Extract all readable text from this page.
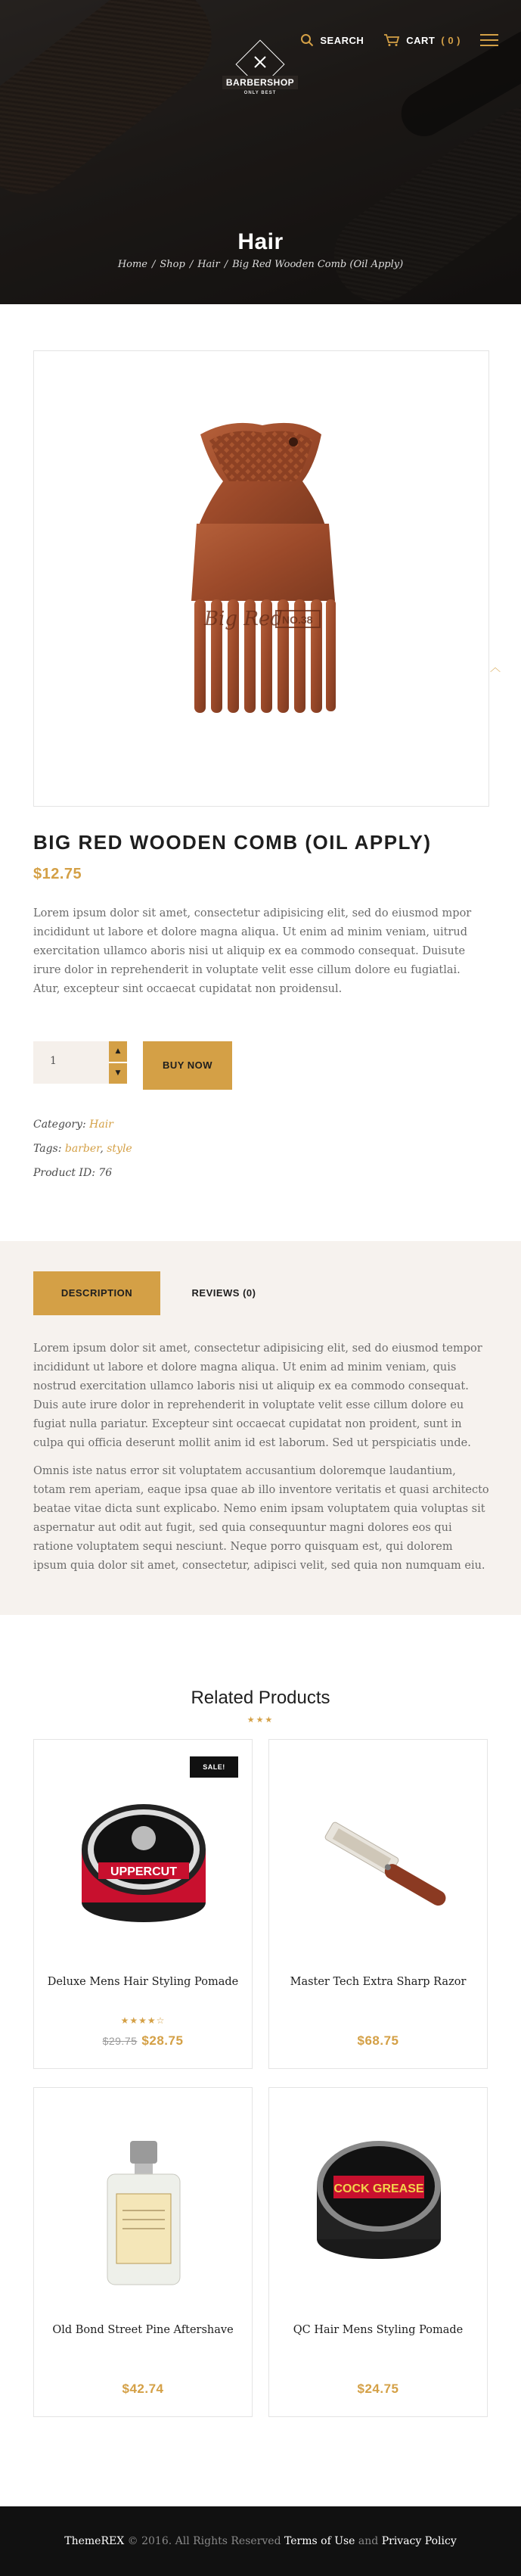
SEARCH	CART ( 0 )
BARBERSHOP
ONLY BEST
Hair
Home / Shop / Hair / Big Red Wooden Comb (Oil Apply)
Big Red NO.38
︿
BIG RED WOODEN COMB (OIL APPLY)
$12.75

Lorem ipsum dolor sit amet, consectetur adipisicing elit, sed do eiusmod mpor incididunt ut labore et dolore magna aliqua. Ut enim ad minim veniam, uitrud exercitation ullamco aboris nisi ut aliquip ex ea commodo consequat. Duisute irure dolor in reprehenderit in voluptate velit esse cillum dolore eu fugiatlai. Atur, excepteur sint occaecat cupidatat non proidensul.

1
▲
▼
BUY NOW
Category: Hair
Tags: barber, style
Product ID: 76
DESCRIPTION	REVIEWS (0)

Lorem ipsum dolor sit amet, consectetur adipisicing elit, sed do eiusmod tempor incididunt ut labore et dolore magna aliqua. Ut enim ad minim veniam, quis nostrud exercitation ullamco laboris nisi ut aliquip ex ea commodo consequat. Duis aute irure dolor in reprehenderit in voluptate velit esse cillum dolore eu fugiat nulla pariatur. Excepteur sint occaecat cupidatat non proident, sunt in culpa qui officia deserunt mollit anim id est laborum. Sed ut perspiciatis unde.

Omnis iste natus error sit voluptatem accusantium doloremque laudantium, totam rem aperiam, eaque ipsa quae ab illo inventore veritatis et quasi architecto beatae vitae dicta sunt explicabo. Nemo enim ipsam voluptatem quia voluptas sit aspernatur aut odit aut fugit, sed quia consequuntur magni dolores eos qui ratione voluptatem sequi nesciunt. Neque porro quisquam est, qui dolorem ipsum quia dolor sit amet, consectetur, adipisci velit, sed quia non numquam eiu.

Related Products
★★★
SALE!
UPPERCUT
Deluxe Mens Hair Styling Pomade
★★★★☆
$29.75 $28.75
Master Tech Extra Sharp Razor
$68.75
Old Bond Street Pine Aftershave
$42.74
COCK GREASE
QC Hair Mens Styling Pomade
$24.75
ThemeREX © 2016. All Rights Reserved Terms of Use and Privacy Policy
